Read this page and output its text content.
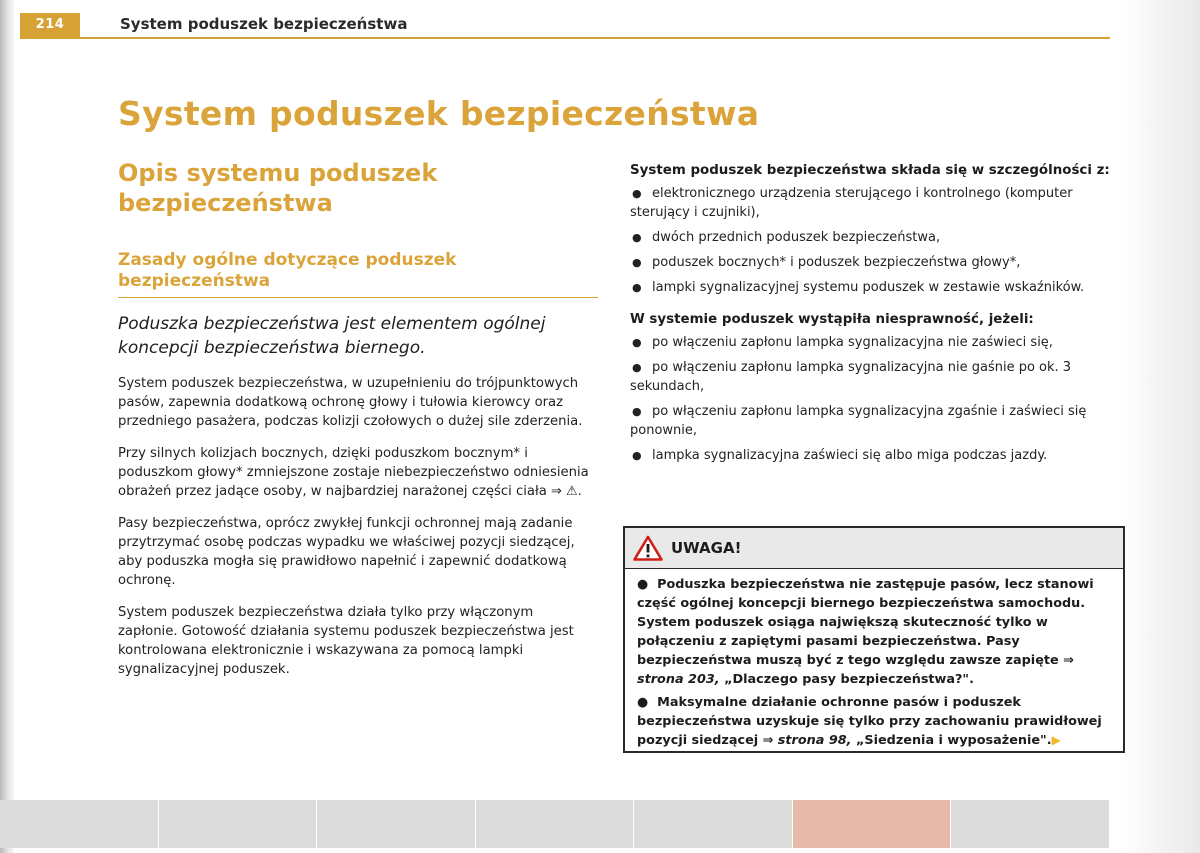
214	System poduszek bezpieczeństwa
System poduszek bezpieczeństwa
Opis systemu poduszek bezpieczeństwa
Zasady ogólne dotyczące poduszek bezpieczeństwa

Poduszka bezpieczeństwa jest elementem ogólnej koncepcji bezpieczeństwa biernego.

System poduszek bezpieczeństwa, w uzupełnieniu do trójpunktowych pasów, zapewnia dodatkową ochronę głowy i tułowia kierowcy oraz przedniego pasażera, podczas kolizji czołowych o dużej sile zderzenia.

Przy silnych kolizjach bocznych, dzięki poduszkom bocznym* i poduszkom głowy* zmniejszone zostaje niebezpieczeństwo odniesienia obrażeń przez jadące osoby, w najbardziej narażonej części ciała ⇒ ⚠.

Pasy bezpieczeństwa, oprócz zwykłej funkcji ochronnej mają zadanie przytrzymać osobę podczas wypadku we właściwej pozycji siedzącej, aby poduszka mogła się prawidłowo napełnić i zapewnić dodatkową ochronę.

System poduszek bezpieczeństwa działa tylko przy włączonym zapłonie. Gotowość działania systemu poduszek bezpieczeństwa jest kontrolowana elektronicznie i wskazywana za pomocą lampki sygnalizacyjnej poduszek.

System poduszek bezpieczeństwa składa się w szczególności z:

● elektronicznego urządzenia sterującego i kontrolnego (komputer sterujący i czujniki),
● dwóch przednich poduszek bezpieczeństwa,
● poduszek bocznych* i poduszek bezpieczeństwa głowy*,
● lampki sygnalizacyjnej systemu poduszek w zestawie wskaźników.

W systemie poduszek wystąpiła niesprawność, jeżeli:

● po włączeniu zapłonu lampka sygnalizacyjna nie zaświeci się,
● po włączeniu zapłonu lampka sygnalizacyjna nie gaśnie po ok. 3 sekundach,
● po włączeniu zapłonu lampka sygnalizacyjna zgaśnie i zaświeci się ponownie,
● lampka sygnalizacyjna zaświeci się albo miga podczas jazdy.
UWAGA!

● Poduszka bezpieczeństwa nie zastępuje pasów, lecz stanowi część ogólnej koncepcji biernego bezpieczeństwa samochodu. System poduszek osiąga największą skuteczność tylko w połączeniu z zapiętymi pasami bezpieczeństwa. Pasy bezpieczeństwa muszą być z tego względu zawsze zapięte ⇒ strona 203, „Dlaczego pasy bezpieczeństwa?".

● Maksymalne działanie ochronne pasów i poduszek bezpieczeństwa uzyskuje się tylko przy zachowaniu prawidłowej pozycji siedzącej ⇒ strona 98, „Siedzenia i wyposażenie".▶
